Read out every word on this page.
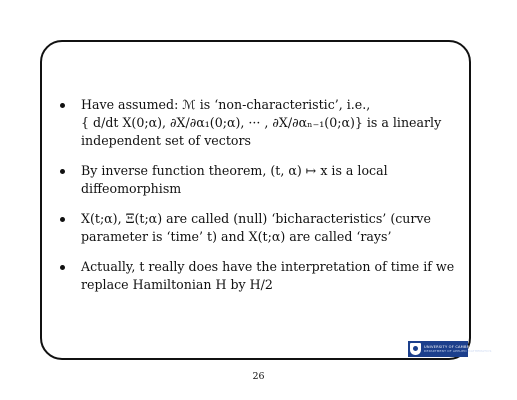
Have assumed: ℳ is ‘non-characteristic’, i.e.,
{ d/dt X(0;α), ∂X/∂α₁(0;α), ··· , ∂X/∂αₙ₋₁(0;α)} is a linearly
independent set of vectors
By inverse function theorem, (t, α) ↦ x is a local
diffeomorphism
X(t;α), Ξ(t;α) are called (null) ‘bicharacteristics’ (curve
parameter is ‘time’ t) and X(t;α) are called ‘rays’
Actually, t really does have the interpretation of time if we
replace Hamiltonian H by H/2
UNIVERSITY OF CAMBRIDGE
DEPARTMENT OF APPLIED MATHEMATICS
26
